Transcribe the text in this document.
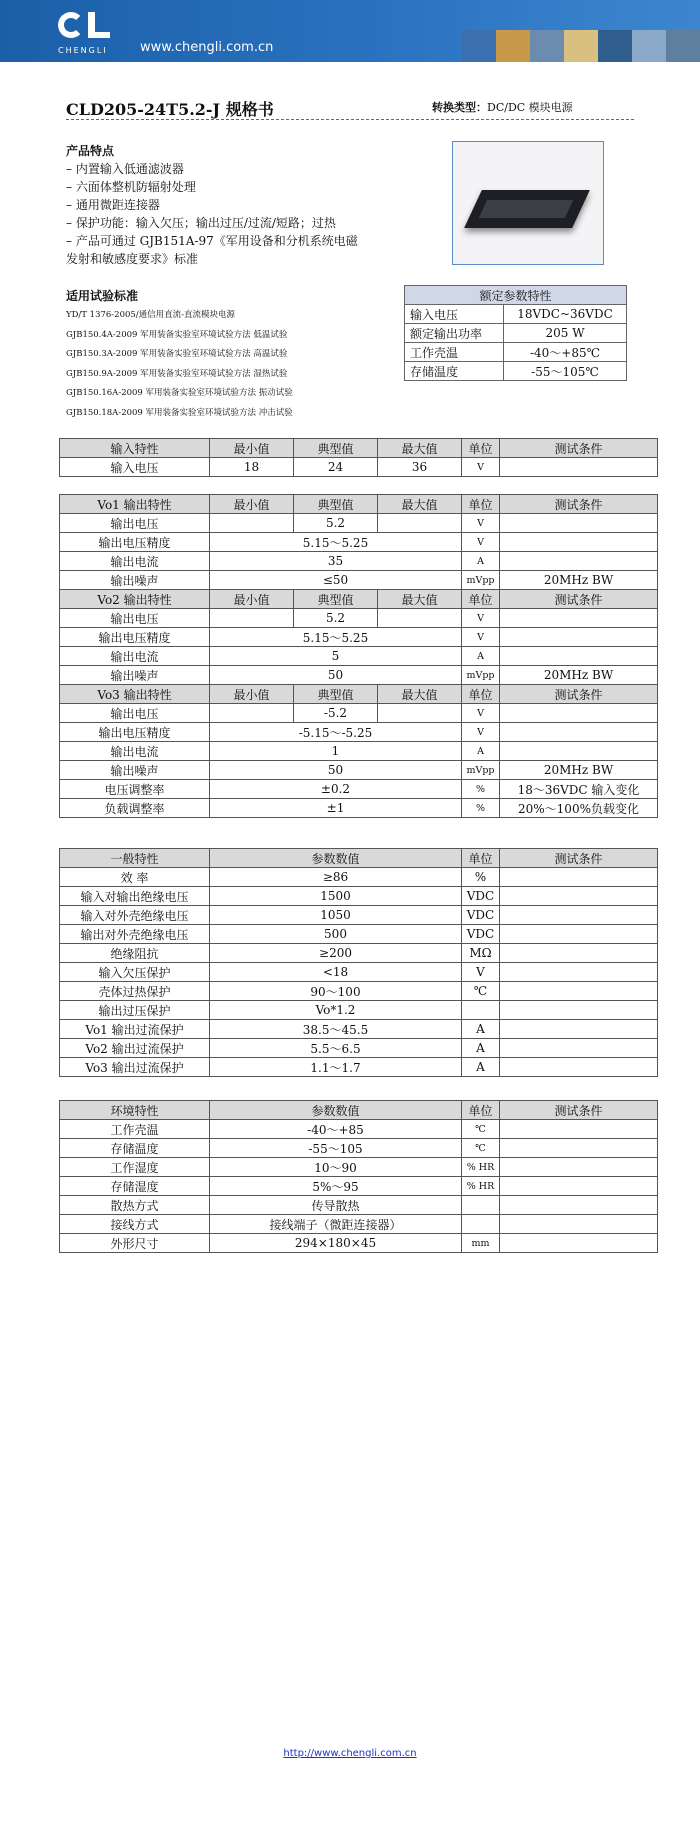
CHENGLI www.chengli.com.cn
CLD205-24T5.2-J 规格书	转换类型：DC/DC 模块电源
产品特点
– 内置输入低通滤波器
– 六面体整机防辐射处理
– 通用微距连接器
– 保护功能：输入欠压；输出过压/过流/短路；过热
– 产品可通过 GJB151A-97《军用设备和分机系统电磁
发射和敏感度要求》标准
适用试验标准
YD/T 1376-2005/通信用直流-直流模块电源
GJB150.4A-2009 军用装备实验室环境试验方法 低温试验
GJB150.3A-2009 军用装备实验室环境试验方法 高温试验
GJB150.9A-2009 军用装备实验室环境试验方法 湿热试验
GJB150.16A-2009 军用装备实验室环境试验方法 振动试验
GJB150.18A-2009 军用装备实验室环境试验方法 冲击试验
额定参数特性	
输入电压	18VDC~36VDC
额定输出功率	205 W
工作壳温	-40～+85℃
存储温度	-55～105℃
输入特性	最小值	典型值	最大值	单位	测试条件
输入电压	18	24	36	V	
Vo1 输出特性	最小值	典型值	最大值	单位	测试条件
输出电压		5.2		V	
输出电压精度	5.15～5.25			V	
输出电流	35			A	
输出噪声	≤50			mVpp	20MHz BW
Vo2 输出特性	最小值	典型值	最大值	单位	测试条件
输出电压		5.2		V	
输出电压精度	5.15～5.25			V	
输出电流	5			A	
输出噪声	50			mVpp	20MHz BW
Vo3 输出特性	最小值	典型值	最大值	单位	测试条件
输出电压		-5.2		V	
输出电压精度	-5.15～-5.25			V	
输出电流	1			A	
输出噪声	50			mVpp	20MHz BW
电压调整率	±0.2			%	18～36VDC 输入变化
负载调整率	±1			%	20%～100%负载变化
一般特性	参数数值	单位	测试条件
效 率	≥86	%	
输入对输出绝缘电压	1500	VDC	
输入对外壳绝缘电压	1050	VDC	
输出对外壳绝缘电压	500	VDC	
绝缘阻抗	≥200	MΩ	
输入欠压保护	<18	V	
壳体过热保护	90～100	℃	
输出过压保护	Vo*1.2		
Vo1 输出过流保护	38.5～45.5	A	
Vo2 输出过流保护	5.5～6.5	A	
Vo3 输出过流保护	1.1～1.7	A	
环境特性	参数数值	单位	测试条件
工作壳温	-40～+85	℃	
存储温度	-55～105	℃	
工作湿度	10～90	% HR	
存储湿度	5%～95	% HR	
散热方式	传导散热		
接线方式	接线端子（微距连接器）		
外形尺寸	294×180×45	mm	
http://www.chengli.com.cn
